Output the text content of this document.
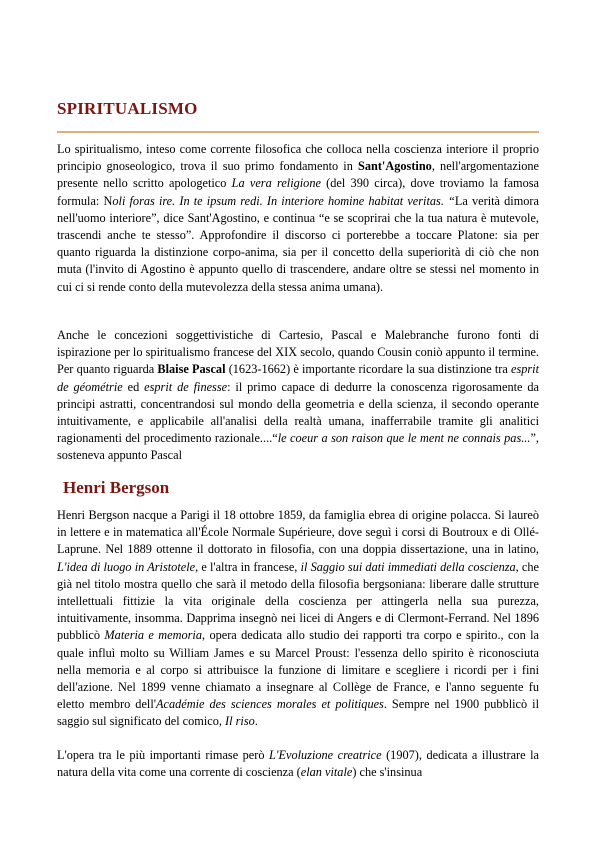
SPIRITUALISMO

Lo spiritualismo, inteso come corrente filosofica che colloca nella coscienza interiore il proprio principio gnoseologico, trova il suo primo fondamento in Sant'Agostino, nell'argomentazione presente nello scritto apologetico La vera religione (del 390 circa), dove troviamo la famosa formula: Noli foras ire. In te ipsum redi. In interiore homine habitat veritas. “La verità dimora nell'uomo interiore”, dice Sant'Agostino, e continua “e se scoprirai che la tua natura è mutevole, trascendi anche te stesso”. Approfondire il discorso ci porterebbe a toccare Platone: sia per quanto riguarda la distinzione corpo-anima, sia per il concetto della superiorità di ciò che non muta (l'invito di Agostino è appunto quello di trascendere, andare oltre se stessi nel momento in cui ci si rende conto della mutevolezza della stessa anima umana).

Anche le concezioni soggettivistiche di Cartesio, Pascal e Malebranche furono fonti di ispirazione per lo spiritualismo francese del XIX secolo, quando Cousin coniò appunto il termine. Per quanto riguarda Blaise Pascal (1623-1662) è importante ricordare la sua distinzione tra esprit de géométrie ed esprit de finesse: il primo capace di dedurre la conoscenza rigorosamente da principi astratti, concentrandosi sul mondo della geometria e della scienza, il secondo operante intuitivamente, e applicabile all'analisi della realtà umana, inafferrabile tramite gli analitici ragionamenti del procedimento razionale....“le coeur a son raison que le ment ne connais pas...”, sosteneva appunto Pascal

Henri Bergson

Henri Bergson nacque a Parigi il 18 ottobre 1859, da famiglia ebrea di origine polacca. Si laureò in lettere e in matematica all'École Normale Supérieure, dove seguì i corsi di Boutroux e di Ollé-Laprune. Nel 1889 ottenne il dottorato in filosofia, con una doppia dissertazione, una in latino, L'idea di luogo in Aristotele, e l'altra in francese, il Saggio sui dati immediati della coscienza, che già nel titolo mostra quello che sarà il metodo della filosofia bergsoniana: liberare dalle strutture intellettuali fittizie la vita originale della coscienza per attingerla nella sua purezza, intuitivamente, insomma. Dapprima insegnò nei licei di Angers e di Clermont-Ferrand. Nel 1896 pubblicò Materia e memoria, opera dedicata allo studio dei rapporti tra corpo e spirito., con la quale influì molto su William James e su Marcel Proust: l'essenza dello spirito è riconosciuta nella memoria e al corpo si attribuisce la funzione di limitare e scegliere i ricordi per i fini dell'azione. Nel 1899 venne chiamato a insegnare al Collège de France, e l'anno seguente fu eletto membro dell'Académie des sciences morales et politiques. Sempre nel 1900 pubblicò il saggio sul significato del comico, Il riso.

L'opera tra le più importanti rimase però L'Evoluzione creatrice (1907), dedicata a illustrare la natura della vita come una corrente di coscienza (elan vitale) che s'insinua
